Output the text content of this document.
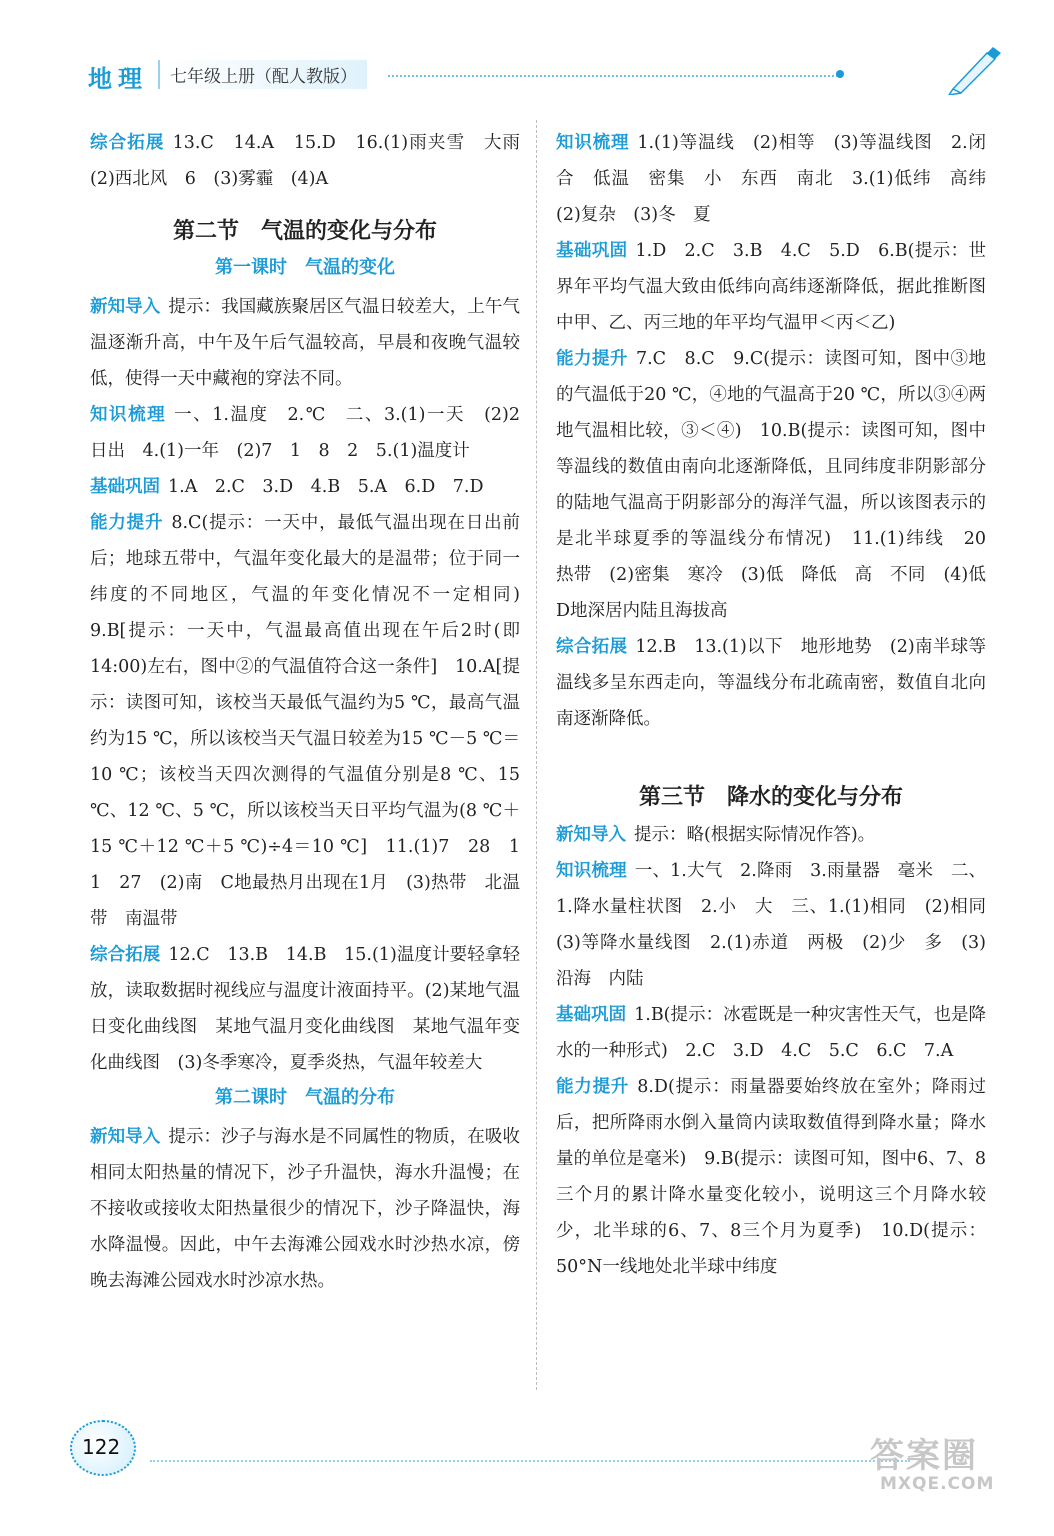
地理	七年级上册（配人教版）

综合拓展 13.C　14.A　15.D　16.(1)雨夹雪　大雨　(2)西北风　6　(3)雾霾　(4)A

第二节　气温的变化与分布
第一课时　气温的变化

新知导入 提示：我国藏族聚居区气温日较差大，上午气温逐渐升高，中午及午后气温较高，早晨和夜晚气温较低，使得一天中藏袍的穿法不同。

知识梳理 一、1.温度　2.℃　二、3.(1)一天　(2)2　日出　4.(1)一年　(2)7　1　8　2　5.(1)温度计

基础巩固 1.A　2.C　3.D　4.B　5.A　6.D　7.D

能力提升 8.C(提示：一天中，最低气温出现在日出前后；地球五带中，气温年变化最大的是温带；位于同一纬度的不同地区，气温的年变化情况不一定相同)　9.B[提示：一天中，气温最高值出现在午后2时(即14:00)左右，图中②的气温值符合这一条件]　10.A[提示：读图可知，该校当天最低气温约为5 ℃，最高气温约为15 ℃，所以该校当天气温日较差为15 ℃－5 ℃＝10 ℃；该校当天四次测得的气温值分别是8 ℃、15 ℃、12 ℃、5 ℃，所以该校当天日平均气温为(8 ℃＋15 ℃＋12 ℃＋5 ℃)÷4＝10 ℃]　11.(1)7　28　1　1　27　(2)南　C地最热月出现在1月　(3)热带　北温带　南温带

综合拓展 12.C　13.B　14.B　15.(1)温度计要轻拿轻放，读取数据时视线应与温度计液面持平。(2)某地气温日变化曲线图　某地气温月变化曲线图　某地气温年变化曲线图　(3)冬季寒冷，夏季炎热，气温年较差大

第二课时　气温的分布

新知导入 提示：沙子与海水是不同属性的物质，在吸收相同太阳热量的情况下，沙子升温快，海水升温慢；在不接收或接收太阳热量很少的情况下，沙子降温快，海水降温慢。因此，中午去海滩公园戏水时沙热水凉，傍晚去海滩公园戏水时沙凉水热。

知识梳理 1.(1)等温线　(2)相等　(3)等温线图　2.闭合　低温　密集　小　东西　南北　3.(1)低纬　高纬　(2)复杂　(3)冬　夏

基础巩固 1.D　2.C　3.B　4.C　5.D　6.B(提示：世界年平均气温大致由低纬向高纬逐渐降低，据此推断图中甲、乙、丙三地的年平均气温甲＜丙＜乙)

能力提升 7.C　8.C　9.C(提示：读图可知，图中③地的气温低于20 ℃，④地的气温高于20 ℃，所以③④两地气温相比较，③＜④)　10.B(提示：读图可知，图中等温线的数值由南向北逐渐降低，且同纬度非阴影部分的陆地气温高于阴影部分的海洋气温，所以该图表示的是北半球夏季的等温线分布情况)　11.(1)纬线　20　热带　(2)密集　寒冷　(3)低　降低　高　不同　(4)低　D地深居内陆且海拔高

综合拓展 12.B　13.(1)以下　地形地势　(2)南半球等温线多呈东西走向，等温线分布北疏南密，数值自北向南逐渐降低。

第三节　降水的变化与分布

新知导入 提示：略(根据实际情况作答)。

知识梳理 一、1.大气　2.降雨　3.雨量器　毫米　二、1.降水量柱状图　2.小　大　三、1.(1)相同　(2)相同　(3)等降水量线图　2.(1)赤道　两极　(2)少　多　(3)沿海　内陆

基础巩固 1.B(提示：冰雹既是一种灾害性天气，也是降水的一种形式)　2.C　3.D　4.C　5.C　6.C　7.A

能力提升 8.D(提示：雨量器要始终放在室外；降雨过后，把所降雨水倒入量筒内读取数值得到降水量；降水量的单位是毫米)　9.B(提示：读图可知，图中6、7、8三个月的累计降水量变化较小，说明这三个月降水较少，北半球的6、7、8三个月为夏季)　10.D(提示：50°N一线地处北半球中纬度

122	答案圈
MXQE.COM
